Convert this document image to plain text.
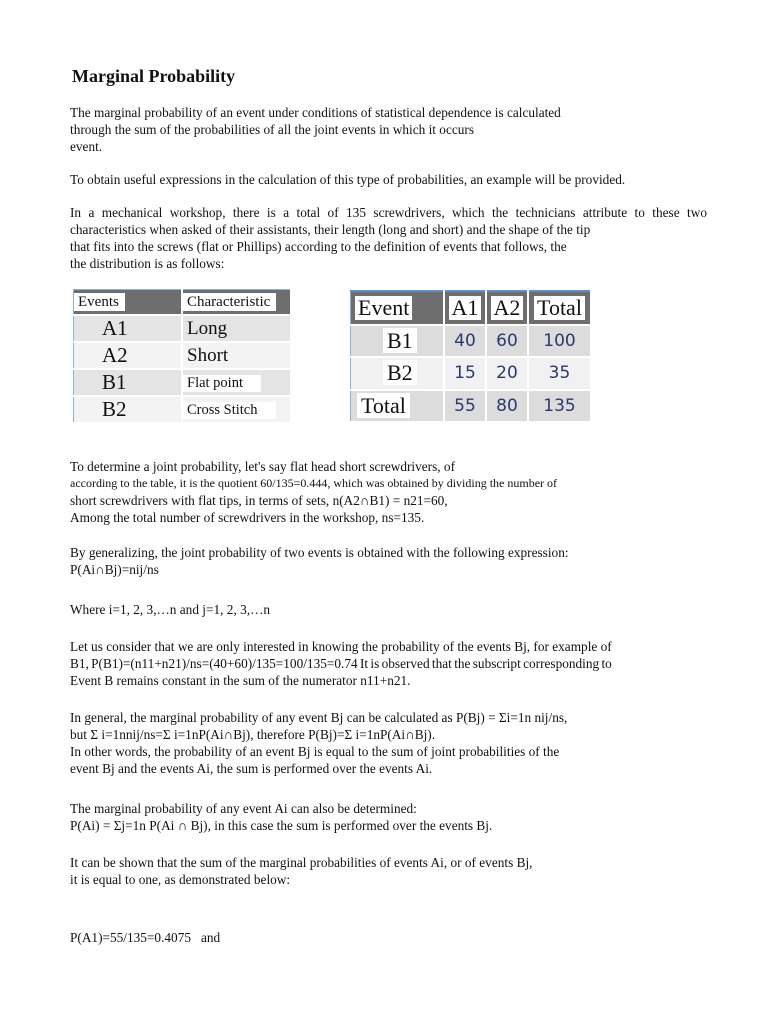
Marginal Probability

The marginal probability of an event under conditions of statistical dependence is calculated
through the sum of the probabilities of all the joint events in which it occurs
event.

To obtain useful expressions in the calculation of this type of probabilities, an example will be provided.

In a mechanical workshop, there is a total of 135 screwdrivers, which the technicians attribute to these two
characteristics when asked of their assistants, their length (long and short) and the shape of the tip
that fits into the screws (flat or Phillips) according to the definition of events that follows, the
the distribution is as follows:

Events	Characteristic
A1	Long
A2	Short
B1	Flat point
B2	Cross Stitch
Event	A1	A2	Total
B1	40	60	100
B2	15	20	35
Total	55	80	135

To determine a joint probability, let's say flat head short screwdrivers, of
according to the table, it is the quotient 60/135=0.444, which was obtained by dividing the number of
short screwdrivers with flat tips, in terms of sets, n(A2∩B1) = n21=60,
Among the total number of screwdrivers in the workshop, ns=135.

By generalizing, the joint probability of two events is obtained with the following expression:
P(Ai∩Bj)=nij/ns

Where i=1, 2, 3,…n and j=1, 2, 3,…n

Let us consider that we are only interested in knowing the probability of the events Bj, for example of
B1, P(B1)=(n11+n21)/ns=(40+60)/135=100/135=0.74 It is observed that the subscript corresponding to
Event B remains constant in the sum of the numerator n11+n21.

In general, the marginal probability of any event Bj can be calculated as P(Bj) = Σi=1n nij/ns,
but Σ i=1nnij/ns=Σ i=1nP(Ai∩Bj), therefore P(Bj)=Σ i=1nP(Ai∩Bj).
In other words, the probability of an event Bj is equal to the sum of joint probabilities of the
event Bj and the events Ai, the sum is performed over the events Ai.

The marginal probability of any event Ai can also be determined:
P(Ai) = Σj=1n P(Ai ∩ Bj), in this case the sum is performed over the events Bj.

It can be shown that the sum of the marginal probabilities of events Ai, or of events Bj,
it is equal to one, as demonstrated below:

P(A1)=55/135=0.4075   and
